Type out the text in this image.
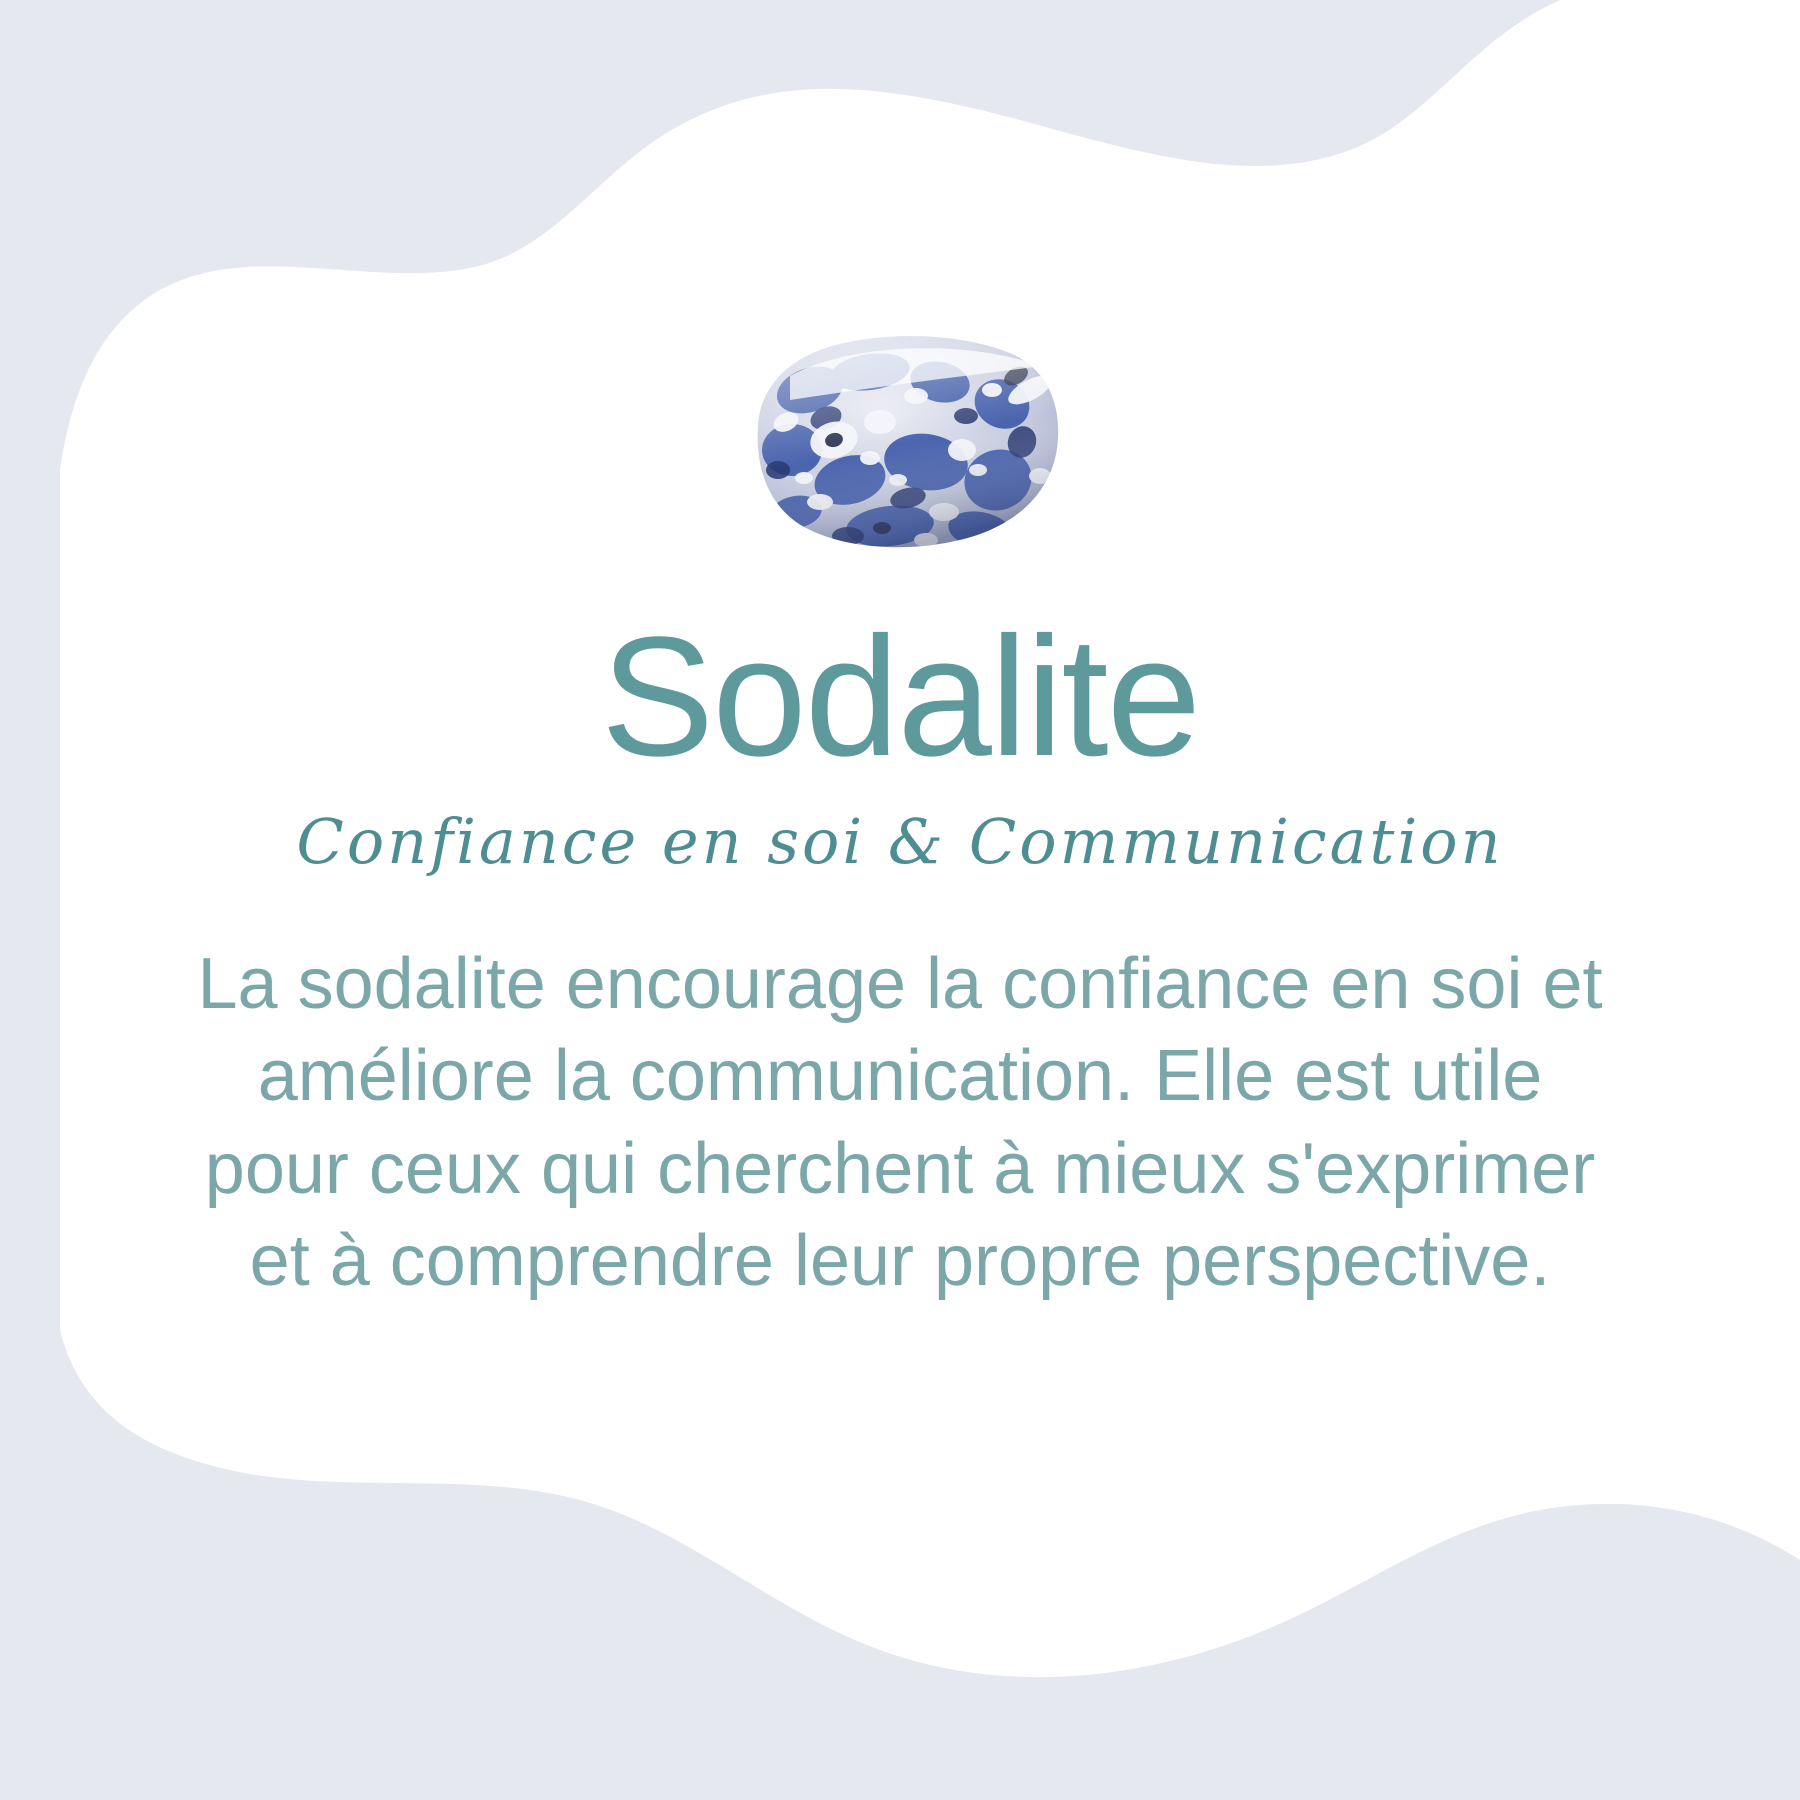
Sodalite
Confiance en soi & Communication
La sodalite encourage la confiance en soi et améliore la communication. Elle est utile pour ceux qui cherchent à mieux s'exprimer et à comprendre leur propre perspective.
